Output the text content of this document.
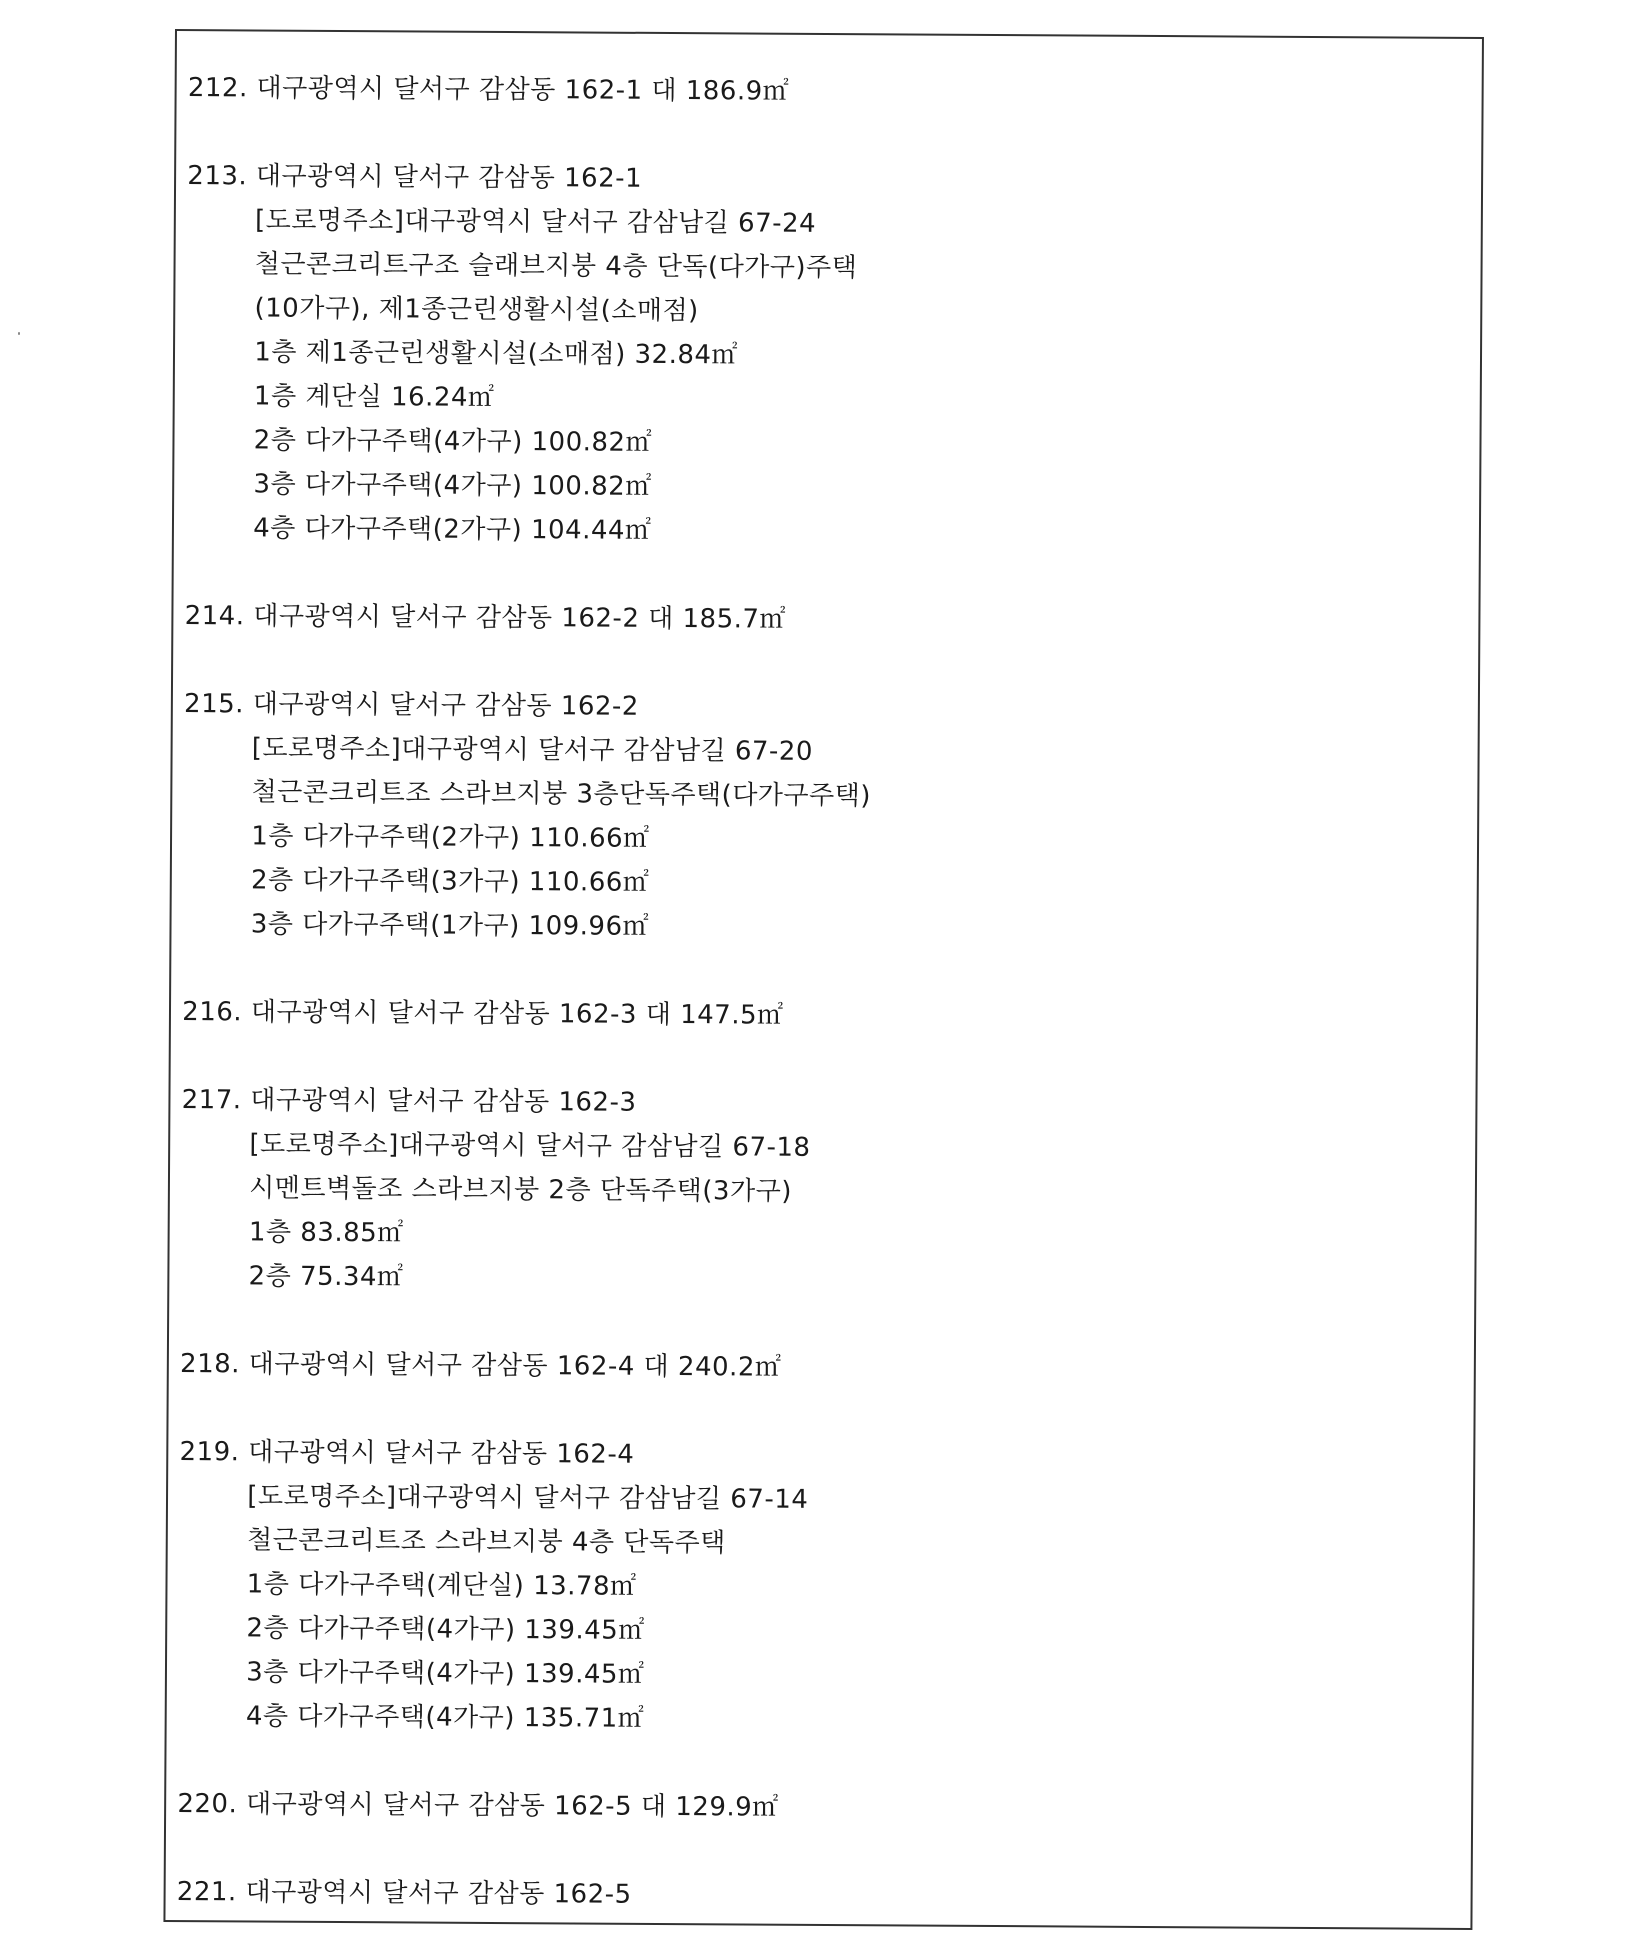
212. 대구광역시 달서구 감삼동 162-1 대 186.9㎡
213. 대구광역시 달서구 감삼동 162-1
[도로명주소]대구광역시 달서구 감삼남길 67-24
철근콘크리트구조 슬래브지붕 4층 단독(다가구)주택
(10가구), 제1종근린생활시설(소매점)
1층 제1종근린생활시설(소매점) 32.84㎡
1층 계단실 16.24㎡
2층 다가구주택(4가구) 100.82㎡
3층 다가구주택(4가구) 100.82㎡
4층 다가구주택(2가구) 104.44㎡
214. 대구광역시 달서구 감삼동 162-2 대 185.7㎡
215. 대구광역시 달서구 감삼동 162-2
[도로명주소]대구광역시 달서구 감삼남길 67-20
철근콘크리트조 스라브지붕 3층단독주택(다가구주택)
1층 다가구주택(2가구) 110.66㎡
2층 다가구주택(3가구) 110.66㎡
3층 다가구주택(1가구) 109.96㎡
216. 대구광역시 달서구 감삼동 162-3 대 147.5㎡
217. 대구광역시 달서구 감삼동 162-3
[도로명주소]대구광역시 달서구 감삼남길 67-18
시멘트벽돌조 스라브지붕 2층 단독주택(3가구)
1층 83.85㎡
2층 75.34㎡
218. 대구광역시 달서구 감삼동 162-4 대 240.2㎡
219. 대구광역시 달서구 감삼동 162-4
[도로명주소]대구광역시 달서구 감삼남길 67-14
철근콘크리트조 스라브지붕 4층 단독주택
1층 다가구주택(계단실) 13.78㎡
2층 다가구주택(4가구) 139.45㎡
3층 다가구주택(4가구) 139.45㎡
4층 다가구주택(4가구) 135.71㎡
220. 대구광역시 달서구 감삼동 162-5 대 129.9㎡
221. 대구광역시 달서구 감삼동 162-5
